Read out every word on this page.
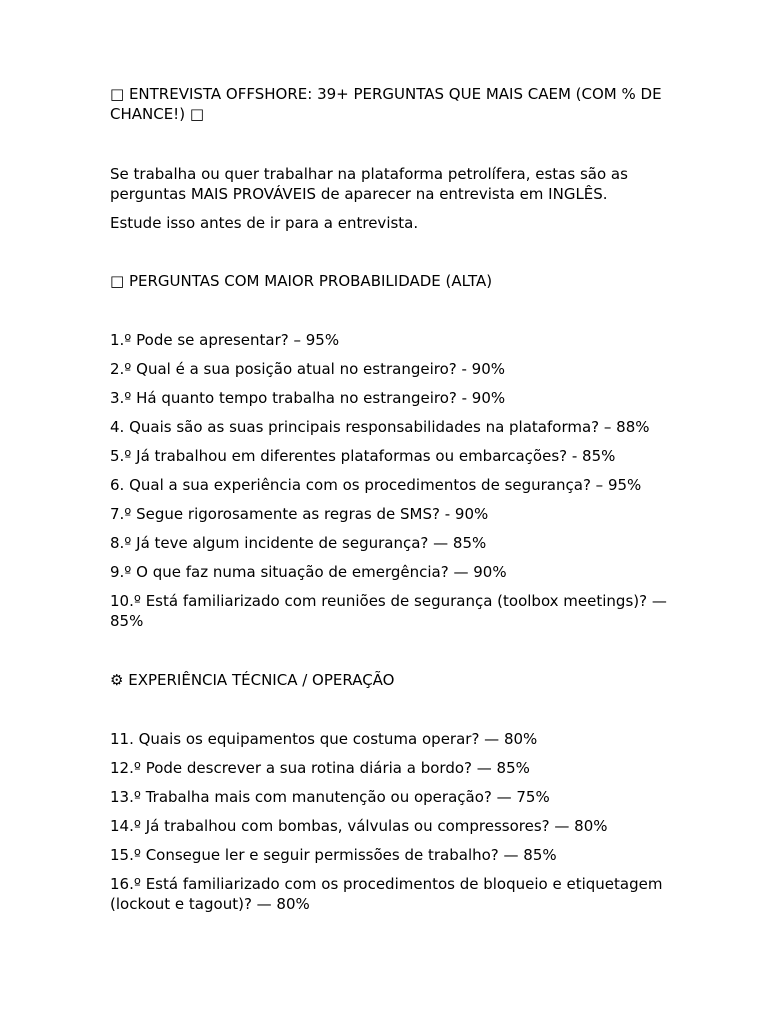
□ ENTREVISTA OFFSHORE: 39+ PERGUNTAS QUE MAIS CAEM (COM % DE CHANCE!) □

Se trabalha ou quer trabalhar na plataforma petrolífera, estas são as perguntas MAIS PROVÁVEIS de aparecer na entrevista em INGLÊS.

Estude isso antes de ir para a entrevista.

□ PERGUNTAS COM MAIOR PROBABILIDADE (ALTA)

1.º Pode se apresentar? – 95%

2.º Qual é a sua posição atual no estrangeiro? - 90%

3.º Há quanto tempo trabalha no estrangeiro? - 90%

4. Quais são as suas principais responsabilidades na plataforma? – 88%

5.º Já trabalhou em diferentes plataformas ou embarcações? - 85%

6. Qual a sua experiência com os procedimentos de segurança? – 95%

7.º Segue rigorosamente as regras de SMS? - 90%

8.º Já teve algum incidente de segurança? — 85%

9.º O que faz numa situação de emergência? — 90%

10.º Está familiarizado com reuniões de segurança (toolbox meetings)? — 85%

⚙ EXPERIÊNCIA TÉCNICA / OPERAÇÃO

11. Quais os equipamentos que costuma operar? — 80%

12.º Pode descrever a sua rotina diária a bordo? — 85%

13.º Trabalha mais com manutenção ou operação? — 75%

14.º Já trabalhou com bombas, válvulas ou compressores? — 80%

15.º Consegue ler e seguir permissões de trabalho? — 85%

16.º Está familiarizado com os procedimentos de bloqueio e etiquetagem (lockout e tagout)? — 80%
